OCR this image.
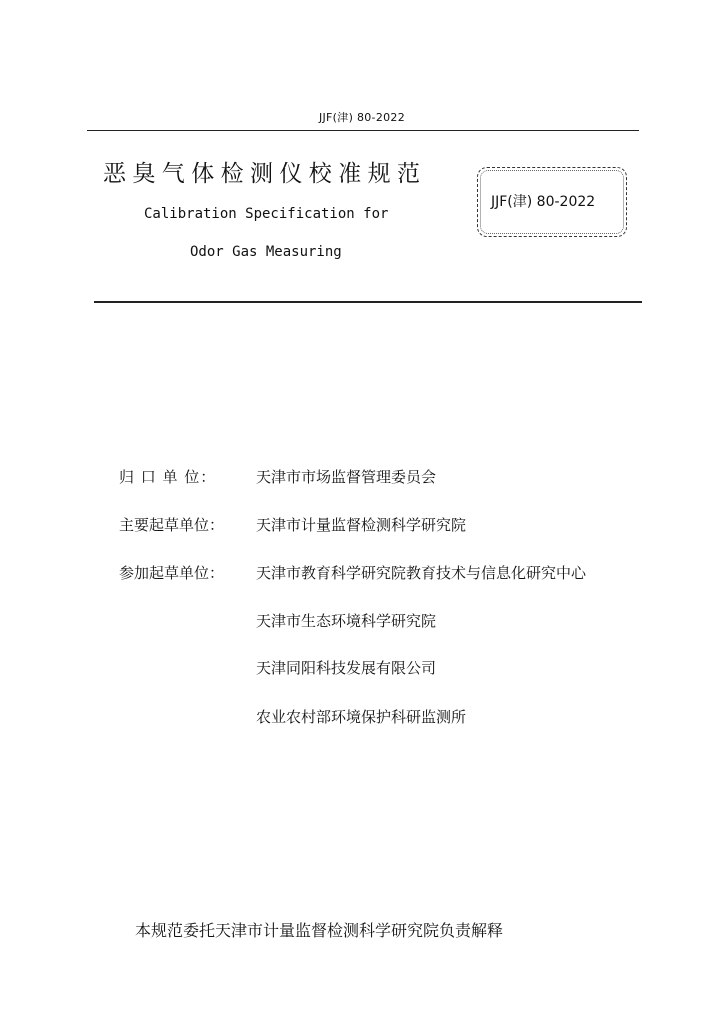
JJF(津) 80-2022
恶臭气体检测仪校准规范
Calibration Specification for
Odor Gas Measuring
JJF(津) 80-2022
归 口 单 位：	天津市市场监督管理委员会
主要起草单位： 天津市计量监督检测科学研究院
参加起草单位： 天津市教育科学研究院教育技术与信息化研究中心
天津市生态环境科学研究院
天津同阳科技发展有限公司
农业农村部环境保护科研监测所
本规范委托天津市计量监督检测科学研究院负责解释
